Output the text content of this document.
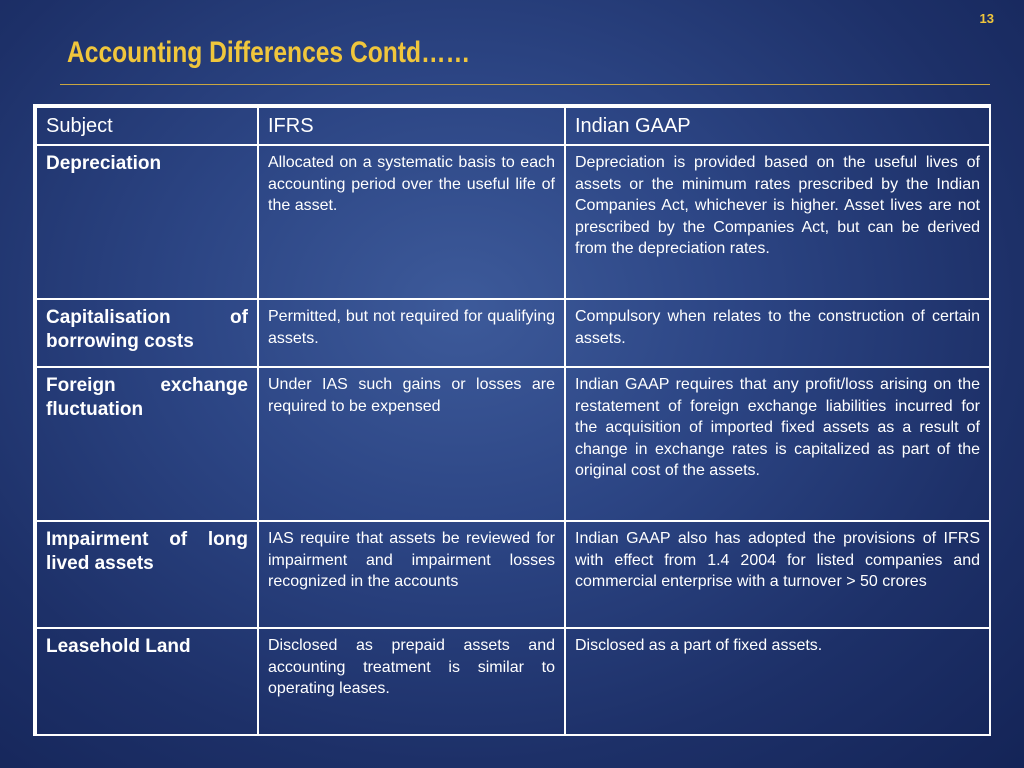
13
Accounting Differences Contd……
Subject	IFRS	Indian GAAP
Depreciation	Allocated on a systematic basis to each accounting period over the useful life of the asset.	Depreciation is provided based on the useful lives of assets or the minimum rates prescribed by the Indian Companies Act, whichever is higher. Asset lives are not prescribed by the Companies Act, but can be derived from the depreciation rates.
Capitalisation of borrowing costs	Permitted, but not required for qualifying assets.	Compulsory when relates to the construction of certain assets.
Foreign exchange fluctuation	Under IAS such gains or losses are required to be expensed	Indian GAAP requires that any profit/loss arising on the restatement of foreign exchange liabilities incurred for the acquisition of imported fixed assets as a result of change in exchange rates is capitalized as part of the original cost of the assets.
Impairment of long lived assets	IAS require that assets be reviewed for impairment and impairment losses recognized in the accounts	Indian GAAP also has adopted the provisions of IFRS with effect from 1.4 2004 for listed companies and commercial enterprise with a turnover > 50 crores
Leasehold Land	Disclosed as prepaid assets and accounting treatment is similar to operating leases.	Disclosed as a part of fixed assets.
